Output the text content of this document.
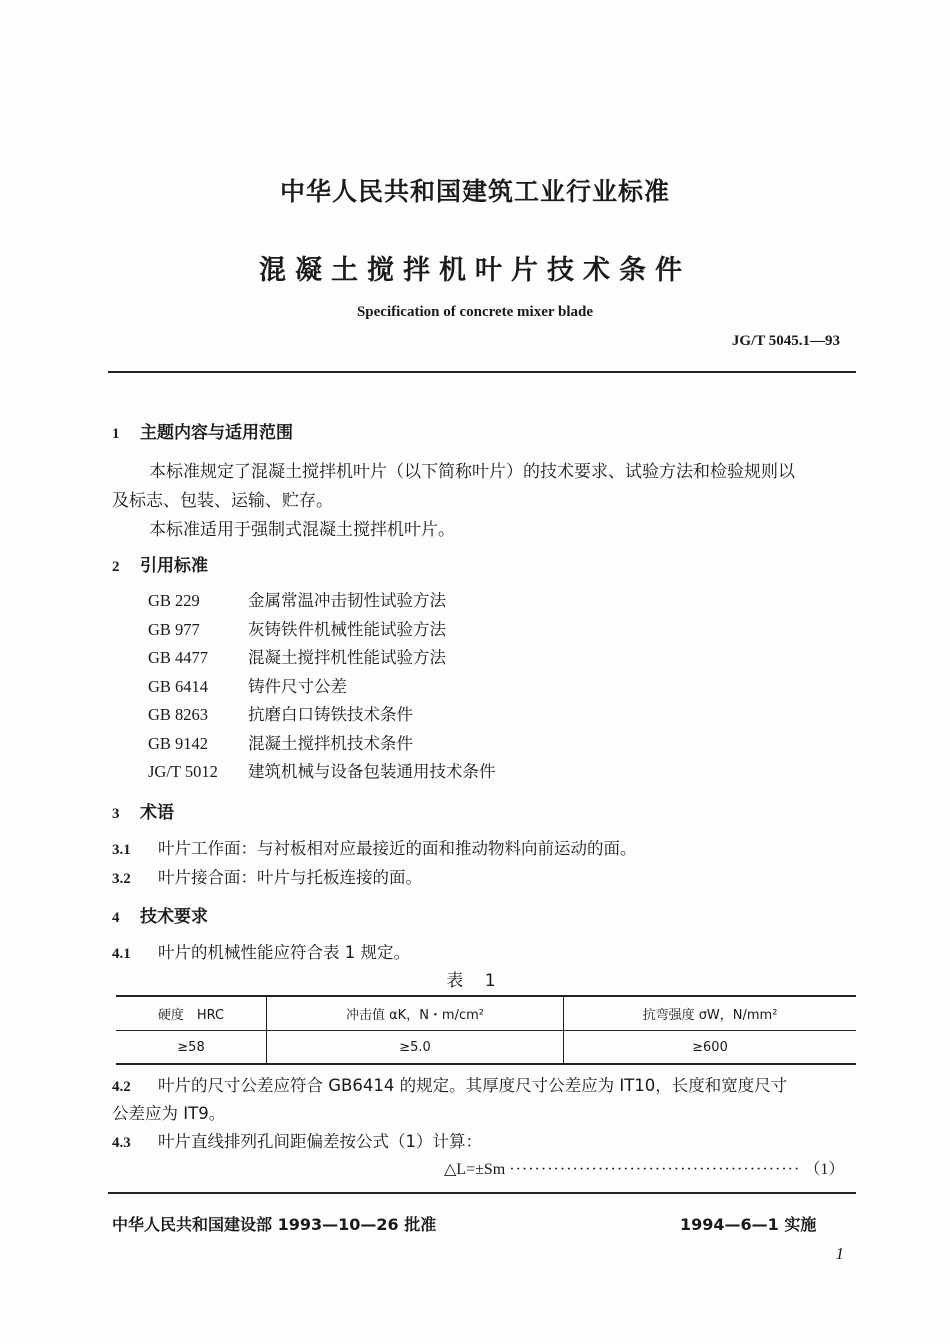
中华人民共和国建筑工业行业标准
混凝土搅拌机叶片技术条件
Specification of concrete mixer blade
JG/T 5045.1—93
1 主题内容与适用范围
本标准规定了混凝土搅拌机叶片（以下简称叶片）的技术要求、试验方法和检验规则以
及标志、包装、运输、贮存。
本标准适用于强制式混凝土搅拌机叶片。
2 引用标准
GB 229	金属常温冲击韧性试验方法
GB 977	灰铸铁件机械性能试验方法
GB 4477 混凝土搅拌机性能试验方法
GB 6414 铸件尺寸公差
GB 8263 抗磨白口铸铁技术条件
GB 9142 混凝土搅拌机技术条件
JG/T 5012 建筑机械与设备包装通用技术条件
3 术语
3.1 叶片工作面：与衬板相对应最接近的面和推动物料向前运动的面。
3.2 叶片接合面：叶片与托板连接的面。
4 技术要求
4.1 叶片的机械性能应符合表 1 规定。
表 1
硬度　HRC	冲击值 αK，N・m/cm²	抗弯强度 σW，N/mm²
≥58	≥5.0	≥600
4.2 叶片的尺寸公差应符合 GB6414 的规定。其厚度尺寸公差应为 IT10，长度和宽度尺寸
公差应为 IT9。
4.3 叶片直线排列孔间距偏差按公式（1）计算：
△L=±Sm ·············································· （1）
中华人民共和国建设部 1993—10—26 批准	1994—6—1 实施
1
